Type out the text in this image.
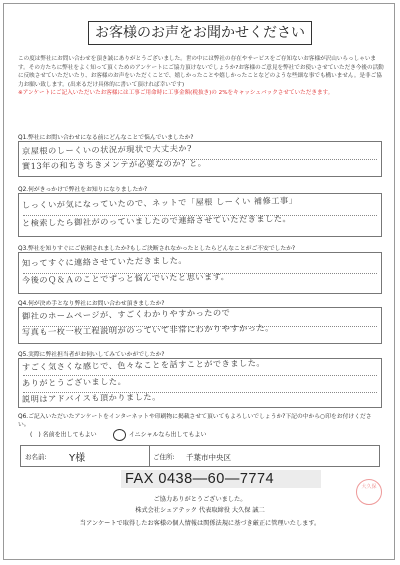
お客様のお声をお聞かせください
この度は弊社にお問い合わせを頂き誠にありがとうございました。世の中には弊社の存在やサービスをご存知ないお客様が沢山いらっしゃいます。その方たちに弊社をよく知って頂くためのアンケートにご協力頂けないでしょうか?お客様のご意見を弊社でお使いさせていただき今後の活動に反映させていただいたり、お客様のお声をいただくことで、嬉しかったことや嬉しかったことなどのような些細な事でも構いません。是非ご協力お願い致します。(出来るだけ具体的に書いて頂ければ幸いです)
※アンケートにご記入いただいたお客様には工事ご用命時に工事金額(税抜き)の 2%をキャッシュバックさせていただきます。
Q1.弊社にお問い合わせになる前にどんなことで悩んでいましたか?
京屋根のしーくいの状況が現状で大丈夫か?
實13年の和ちきちきメンテが必要なのか? と。
Q2.何がきっかけで弊社をお知りになりましたか?
しっくいが気になっていたので、ネットで「屋根 しーくい 補修工事」
と検索したら御社がのっていましたので連絡させていただきました。
Q3.弊社を知りすぐにご依頼されましたか?もしご決断されなかったとしたらどんなことがご不安でしたか?
知ってすぐに連絡させていただきました。
今後のＱ＆Ａのことでずっと悩んでいたと思います。
Q4.何が決め手となり弊社にお問い合わせ頂きましたか?
御社のホームページが、すごくわかりやすかったので
写真も一枚一枚工程説明がのっていて非常にわかりやすかった。
Q5.実際に弊社担当者がお伺いしてみていかがでしたか?
すごく気さくな感じで、色々なことを話すことができました。
ありがとうございました。
説明はアドバイスも頂かりました。
Q6.ご記入いただいたアンケートをインターネットや印刷物に掲載させて頂いてもよろしいでしょうか?下記の中から○印をお付けください。
(　) 名前を出してもよい	イニシャルなら出してもよい
お名前: Y様	ご住所: 千葉市中央区
FAX 0438―60―7774
ご協力ありがとうございました。
株式会社シェアテック 代表取締役 大久保 誠二
当アンケートで取得したお客様の個人情報は関係法規に基づき厳正に管理いたします。
大久保
